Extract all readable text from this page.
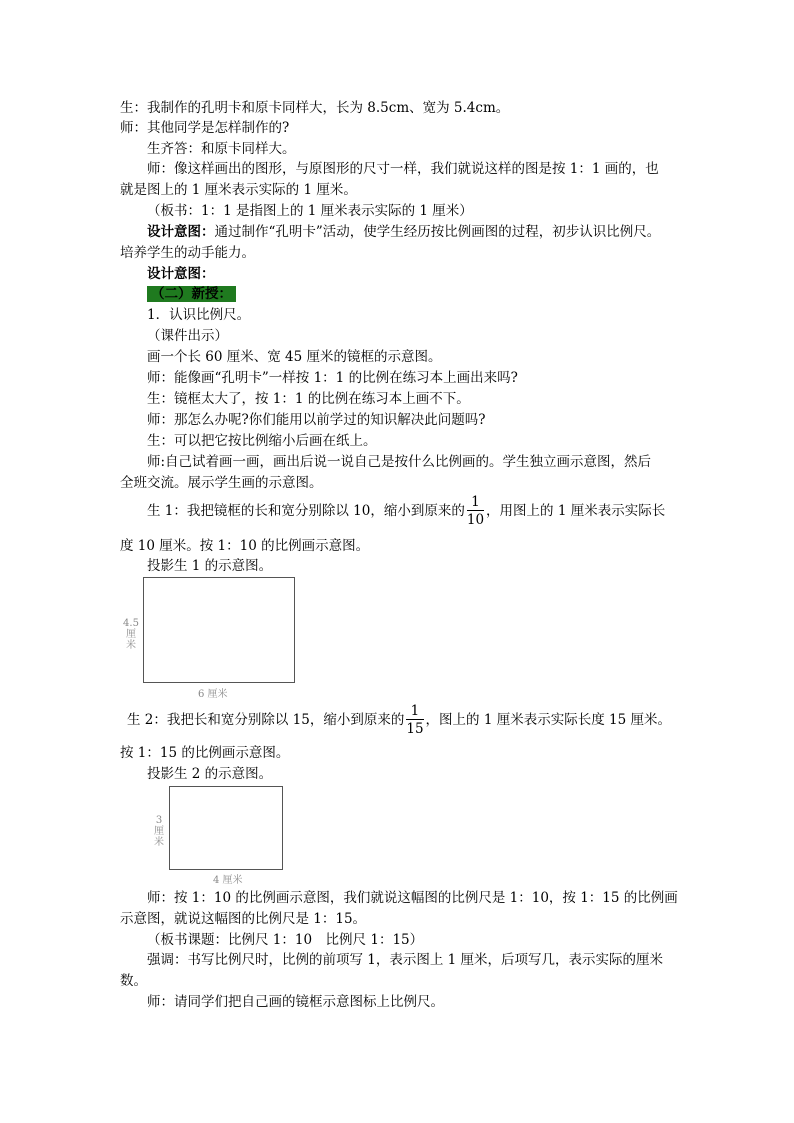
生：我制作的孔明卡和原卡同样大，长为 8.5cm、宽为 5.4cm。
师：其他同学是怎样制作的?
生齐答：和原卡同样大。
师：像这样画出的图形，与原图形的尺寸一样，我们就说这样的图是按 1：1 画的，也
就是图上的 1 厘米表示实际的 1 厘米。
（板书：1：1 是指图上的 1 厘米表示实际的 1 厘米）
设计意图：通过制作“孔明卡”活动，使学生经历按比例画图的过程，初步认识比例尺。
培养学生的动手能力。
设计意图：
（二）新授：
1．认识比例尺。
（课件出示）
画一个长 60 厘米、宽 45 厘米的镜框的示意图。
师：能像画“孔明卡”一样按 1：1 的比例在练习本上画出来吗?
生：镜框太大了，按 1：1 的比例在练习本上画不下。
师：那怎么办呢?你们能用以前学过的知识解决此问题吗?
生：可以把它按比例缩小后画在纸上。
师:自己试着画一画，画出后说一说自己是按什么比例画的。学生独立画示意图，然后
全班交流。展示学生画的示意图。
生 1：我把镜框的长和宽分别除以 10，缩小到原来的 $\frac{1}{10}$ ，用图上的 1 厘米表示实际长
度 10 厘米。按 1：10 的比例画示意图。
投影生 1 的示意图。
4.5
厘米
6 厘米
生 2：我把长和宽分别除以 15，缩小到原来的 $\frac{1}{15}$ ，图上的 1 厘米表示实际长度 15 厘米。
按 1：15 的比例画示意图。
投影生 2 的示意图。
3
厘米
4 厘米
师：按 1：10 的比例画示意图，我们就说这幅图的比例尺是 1：10，按 1：15 的比例画
示意图，就说这幅图的比例尺是 1：15。
（板书课题：比例尺 1：10　比例尺 1：15）
强调：书写比例尺时，比例的前项写 1，表示图上 1 厘米，后项写几，表示实际的厘米
数。
师：请同学们把自己画的镜框示意图标上比例尺。
